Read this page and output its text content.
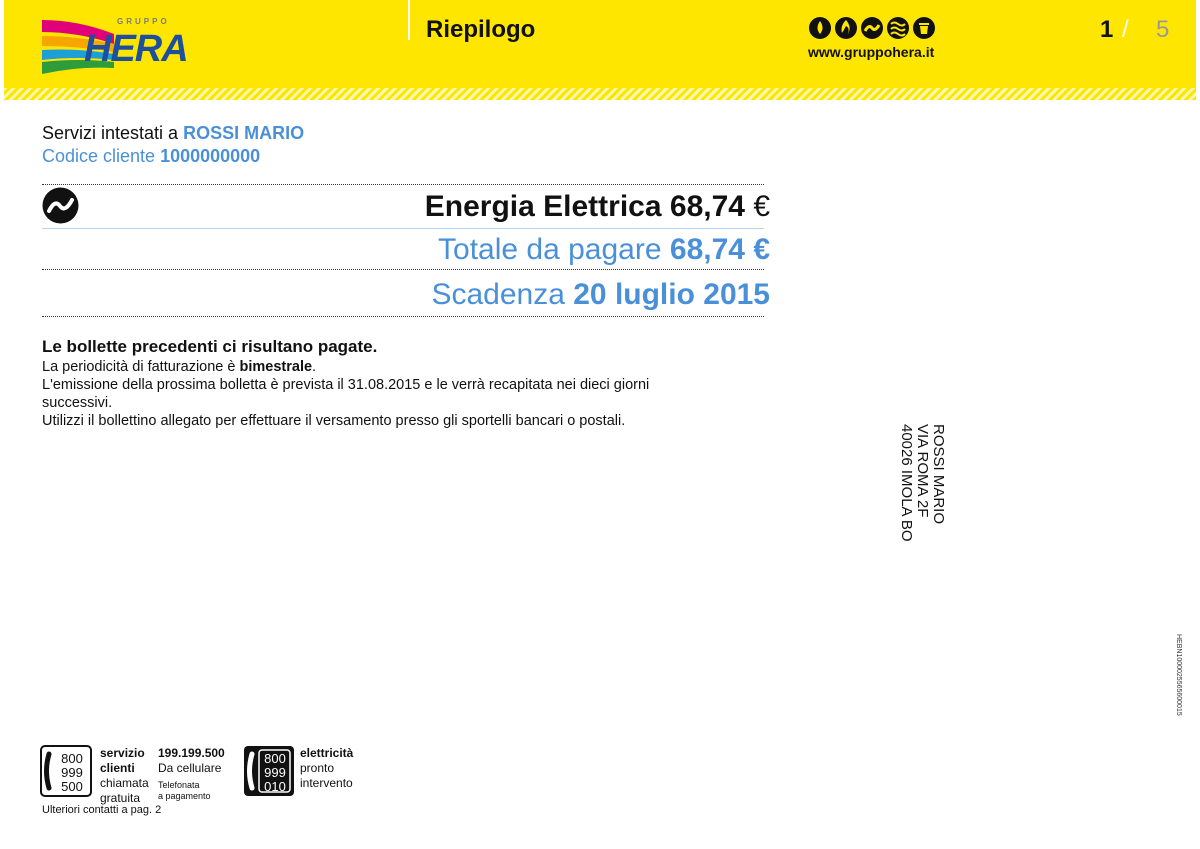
GRUPPO
HERA	Riepilogo
www.gruppohera.it
1 / 5
Servizi intestati a ROSSI MARIO
Codice cliente 1000000000
Energia Elettrica 68,74 €
Totale da pagare 68,74 €
Scadenza 20 luglio 2015
Le bollette precedenti ci risultano pagate.
La periodicità di fatturazione è bimestrale.
L'emissione della prossima bolletta è prevista il 31.08.2015 e le verrà recapitata nei dieci giorni
successivi.
Utilizzi il bollettino allegato per effettuare il versamento presso gli sportelli bancari o postali.
ROSSI MARIO
VIA ROMA 2F
40026 IMOLA BO
HEBN1000025565600015
800
999
500
servizio
clienti
chiamata
gratuita
199.199.500
Da cellulare
Telefonata
a pagamento
800
999
010
elettricità
pronto
intervento
Ulteriori contatti a pag. 2
